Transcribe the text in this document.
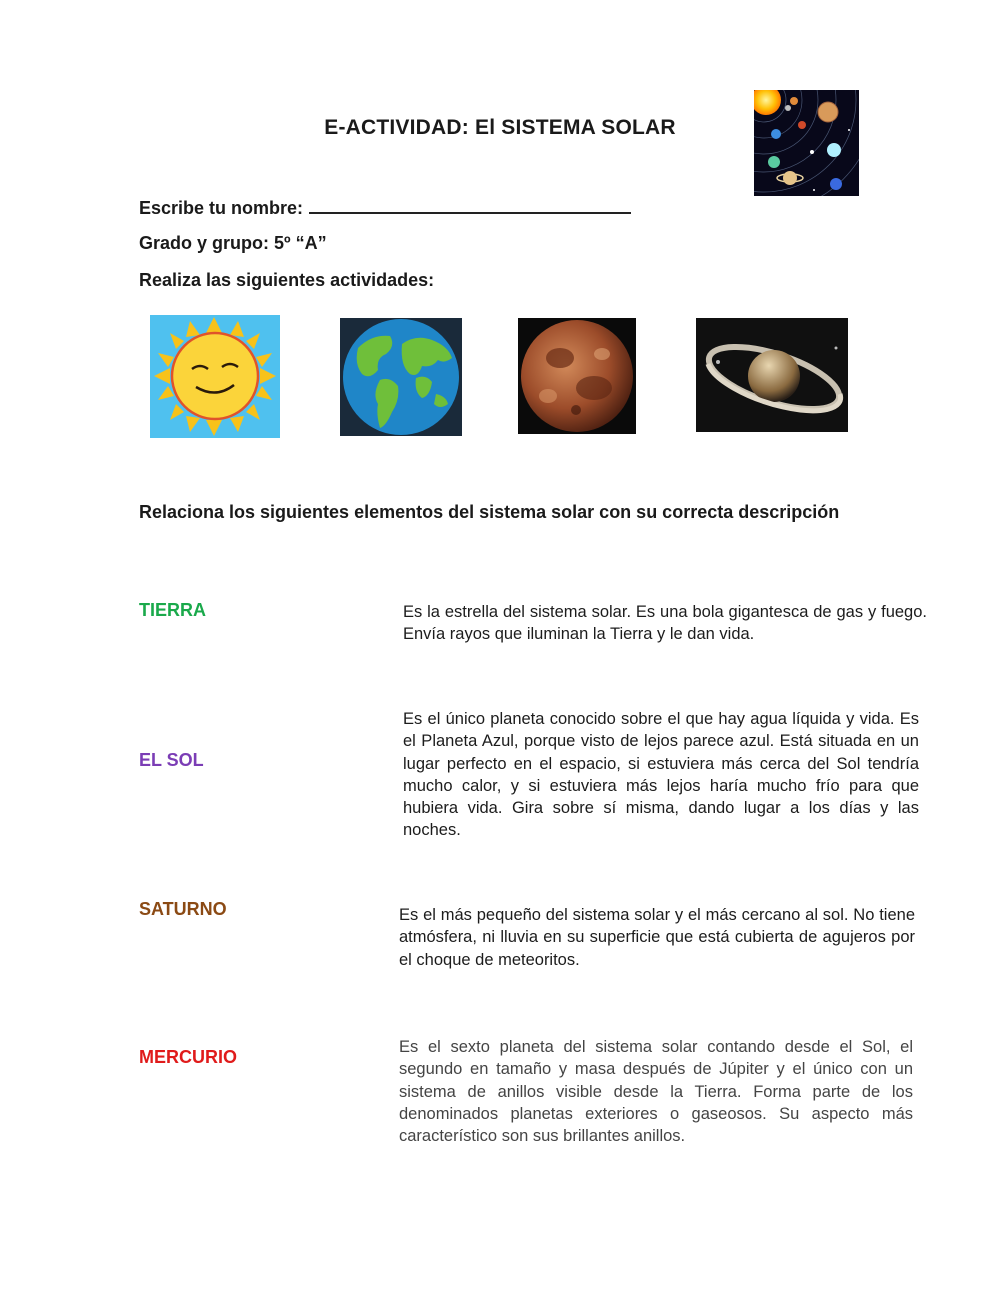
E-ACTIVIDAD: El SISTEMA SOLAR
Escribe tu nombre:
Grado y grupo: 5º “A”
Realiza las siguientes actividades:
Relaciona los siguientes elementos del sistema solar con su correcta descripción
TIERRA
EL SOL
SATURNO
MERCURIO
Es la estrella del sistema solar. Es una bola gigantesca de gas y fuego. Envía rayos que iluminan la Tierra y le dan vida.
Es el único planeta conocido sobre el que hay agua líquida y vida. Es el Planeta Azul, porque visto de lejos parece azul. Está situada en un lugar perfecto en el espacio, si estuviera más cerca del Sol tendría mucho calor, y si estuviera más lejos haría mucho frío para que hubiera vida. Gira sobre sí misma, dando lugar a los días y las noches.
Es el más pequeño del sistema solar y el más cercano al sol. No tiene atmósfera, ni lluvia en su superficie que está cubierta de agujeros por el choque de meteoritos.
Es el sexto planeta del sistema solar contando desde el Sol, el segundo en tamaño y masa después de Júpiter y el único con un sistema de anillos visible desde la Tierra. Forma parte de los denominados planetas exteriores o gaseosos. Su aspecto más característico son sus brillantes anillos.
